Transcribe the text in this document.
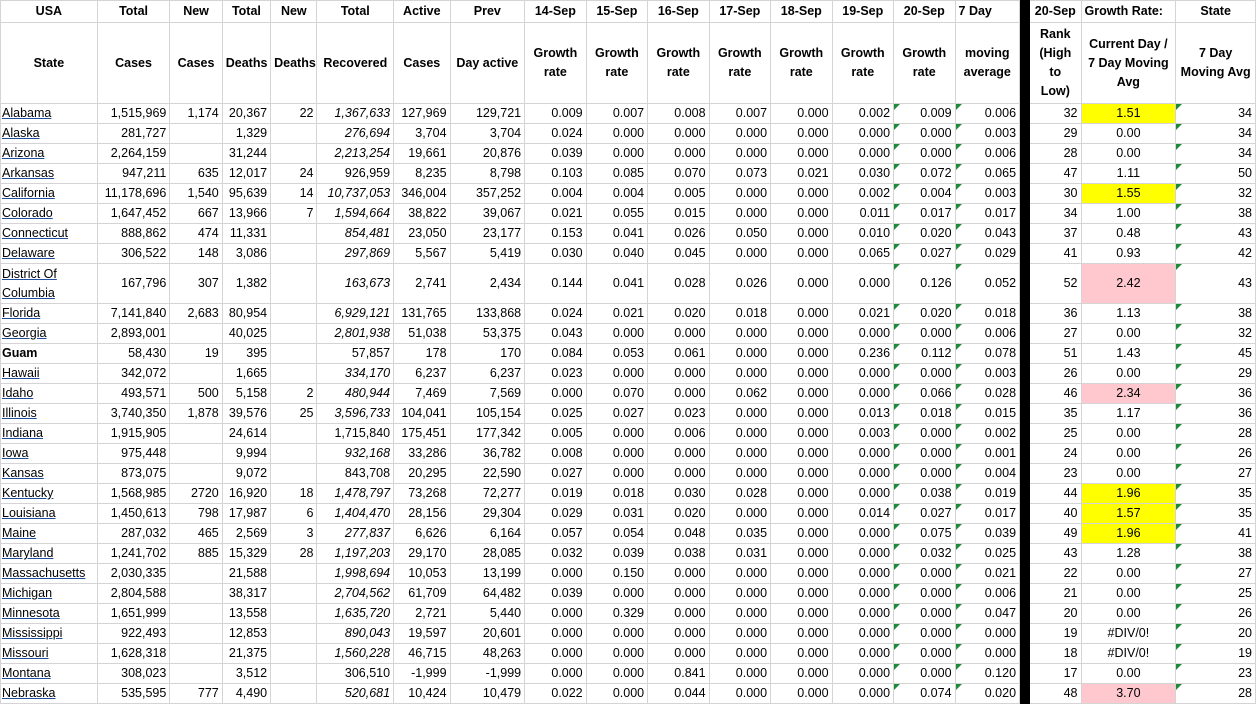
USA	Total	New	Total	New	Total	Active	Prev	14-Sep	15-Sep	16-Sep	17-Sep	18-Sep	19-Sep	20-Sep	7 Day		20-Sep	Growth Rate:	State
State	Cases	Cases	Deaths	Deaths	Recovered	Cases	Day active	Growth rate	Growth rate	Growth rate	Growth rate	Growth rate	Growth rate	Growth rate	moving average		Rank (High to Low)	Current Day / 7 Day Moving Avg	7 Day Moving Avg
Alabama	1,515,969	1,174	20,367	22	1,367,633	127,969	129,721	0.009	0.007	0.008	0.007	0.000	0.002	0.009	0.006		32	1.51	34
Alaska	281,727		1,329		276,694	3,704	3,704	0.024	0.000	0.000	0.000	0.000	0.000	0.000	0.003		29	0.00	34
Arizona	2,264,159		31,244		2,213,254	19,661	20,876	0.039	0.000	0.000	0.000	0.000	0.000	0.000	0.006		28	0.00	34
Arkansas	947,211	635	12,017	24	926,959	8,235	8,798	0.103	0.085	0.070	0.073	0.021	0.030	0.072	0.065		47	1.11	50
California	11,178,696	1,540	95,639	14	10,737,053	346,004	357,252	0.004	0.004	0.005	0.000	0.000	0.002	0.004	0.003		30	1.55	32
Colorado	1,647,452	667	13,966	7	1,594,664	38,822	39,067	0.021	0.055	0.015	0.000	0.000	0.011	0.017	0.017		34	1.00	38
Connecticut	888,862	474	11,331		854,481	23,050	23,177	0.153	0.041	0.026	0.050	0.000	0.010	0.020	0.043		37	0.48	43
Delaware	306,522	148	3,086		297,869	5,567	5,419	0.030	0.040	0.045	0.000	0.000	0.065	0.027	0.029		41	0.93	42
District Of Columbia	167,796	307	1,382		163,673	2,741	2,434	0.144	0.041	0.028	0.026	0.000	0.000	0.126	0.052		52	2.42	43
Florida	7,141,840	2,683	80,954		6,929,121	131,765	133,868	0.024	0.021	0.020	0.018	0.000	0.021	0.020	0.018		36	1.13	38
Georgia	2,893,001		40,025		2,801,938	51,038	53,375	0.043	0.000	0.000	0.000	0.000	0.000	0.000	0.006		27	0.00	32
Guam	58,430	19	395		57,857	178	170	0.084	0.053	0.061	0.000	0.000	0.236	0.112	0.078		51	1.43	45
Hawaii	342,072		1,665		334,170	6,237	6,237	0.023	0.000	0.000	0.000	0.000	0.000	0.000	0.003		26	0.00	29
Idaho	493,571	500	5,158	2	480,944	7,469	7,569	0.000	0.070	0.000	0.062	0.000	0.000	0.066	0.028		46	2.34	36
Illinois	3,740,350	1,878	39,576	25	3,596,733	104,041	105,154	0.025	0.027	0.023	0.000	0.000	0.013	0.018	0.015		35	1.17	36
Indiana	1,915,905		24,614		1,715,840	175,451	177,342	0.005	0.000	0.006	0.000	0.000	0.003	0.000	0.002		25	0.00	28
Iowa	975,448		9,994		932,168	33,286	36,782	0.008	0.000	0.000	0.000	0.000	0.000	0.000	0.001		24	0.00	26
Kansas	873,075		9,072		843,708	20,295	22,590	0.027	0.000	0.000	0.000	0.000	0.000	0.000	0.004		23	0.00	27
Kentucky	1,568,985	2720	16,920	18	1,478,797	73,268	72,277	0.019	0.018	0.030	0.028	0.000	0.000	0.038	0.019		44	1.96	35
Louisiana	1,450,613	798	17,987	6	1,404,470	28,156	29,304	0.029	0.031	0.020	0.000	0.000	0.014	0.027	0.017		40	1.57	35
Maine	287,032	465	2,569	3	277,837	6,626	6,164	0.057	0.054	0.048	0.035	0.000	0.000	0.075	0.039		49	1.96	41
Maryland	1,241,702	885	15,329	28	1,197,203	29,170	28,085	0.032	0.039	0.038	0.031	0.000	0.000	0.032	0.025		43	1.28	38
Massachusetts	2,030,335		21,588		1,998,694	10,053	13,199	0.000	0.150	0.000	0.000	0.000	0.000	0.000	0.021		22	0.00	27
Michigan	2,804,588		38,317		2,704,562	61,709	64,482	0.039	0.000	0.000	0.000	0.000	0.000	0.000	0.006		21	0.00	25
Minnesota	1,651,999		13,558		1,635,720	2,721	5,440	0.000	0.329	0.000	0.000	0.000	0.000	0.000	0.047		20	0.00	26
Mississippi	922,493		12,853		890,043	19,597	20,601	0.000	0.000	0.000	0.000	0.000	0.000	0.000	0.000		19	#DIV/0!	20
Missouri	1,628,318		21,375		1,560,228	46,715	48,263	0.000	0.000	0.000	0.000	0.000	0.000	0.000	0.000		18	#DIV/0!	19
Montana	308,023		3,512		306,510	-1,999	-1,999	0.000	0.000	0.841	0.000	0.000	0.000	0.000	0.120		17	0.00	23
Nebraska	535,595	777	4,490		520,681	10,424	10,479	0.022	0.000	0.044	0.000	0.000	0.000	0.074	0.020		48	3.70	28
